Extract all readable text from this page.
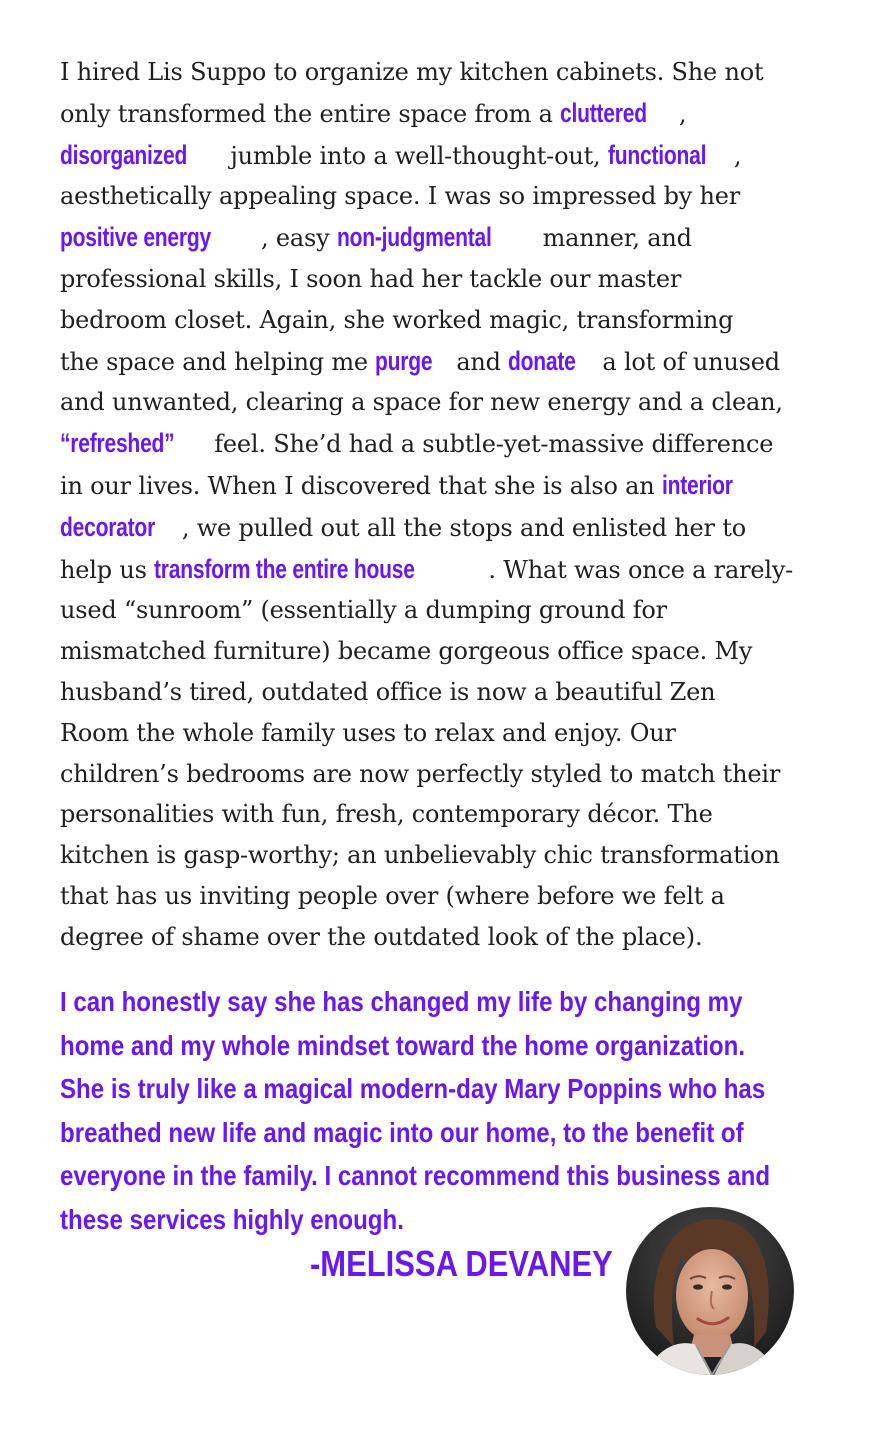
I hired Lis Suppo to organize my kitchen cabinets. She not
only transformed the entire space from a cluttered ,
disorganized jumble into a well-thought-out, functional ,
aesthetically appealing space. I was so impressed by her
positive energy , easy non-judgmental manner, and
professional skills, I soon had her tackle our master
bedroom closet. Again, she worked magic, transforming
the space and helping me purge and donate a lot of unused
and unwanted, clearing a space for new energy and a clean,
“refreshed” feel. She’d had a subtle-yet-massive difference
in our lives. When I discovered that she is also an interior
decorator , we pulled out all the stops and enlisted her to
help us transform the entire house	. What was once a rarely-
used “sunroom” (essentially a dumping ground for
mismatched furniture) became gorgeous office space. My
husband’s tired, outdated office is now a beautiful Zen
Room the whole family uses to relax and enjoy. Our
children’s bedrooms are now perfectly styled to match their
personalities with fun, fresh, contemporary décor. The
kitchen is gasp-worthy; an unbelievably chic transformation
that has us inviting people over (where before we felt a
degree of shame over the outdated look of the place).
I can honestly say she has changed my life by changing my
home and my whole mindset toward the home organization.
She is truly like a magical modern-day Mary Poppins who has
breathed new life and magic into our home, to the benefit of
everyone in the family. I cannot recommend this business and
these services highly enough.
-MELISSA DEVANEY
